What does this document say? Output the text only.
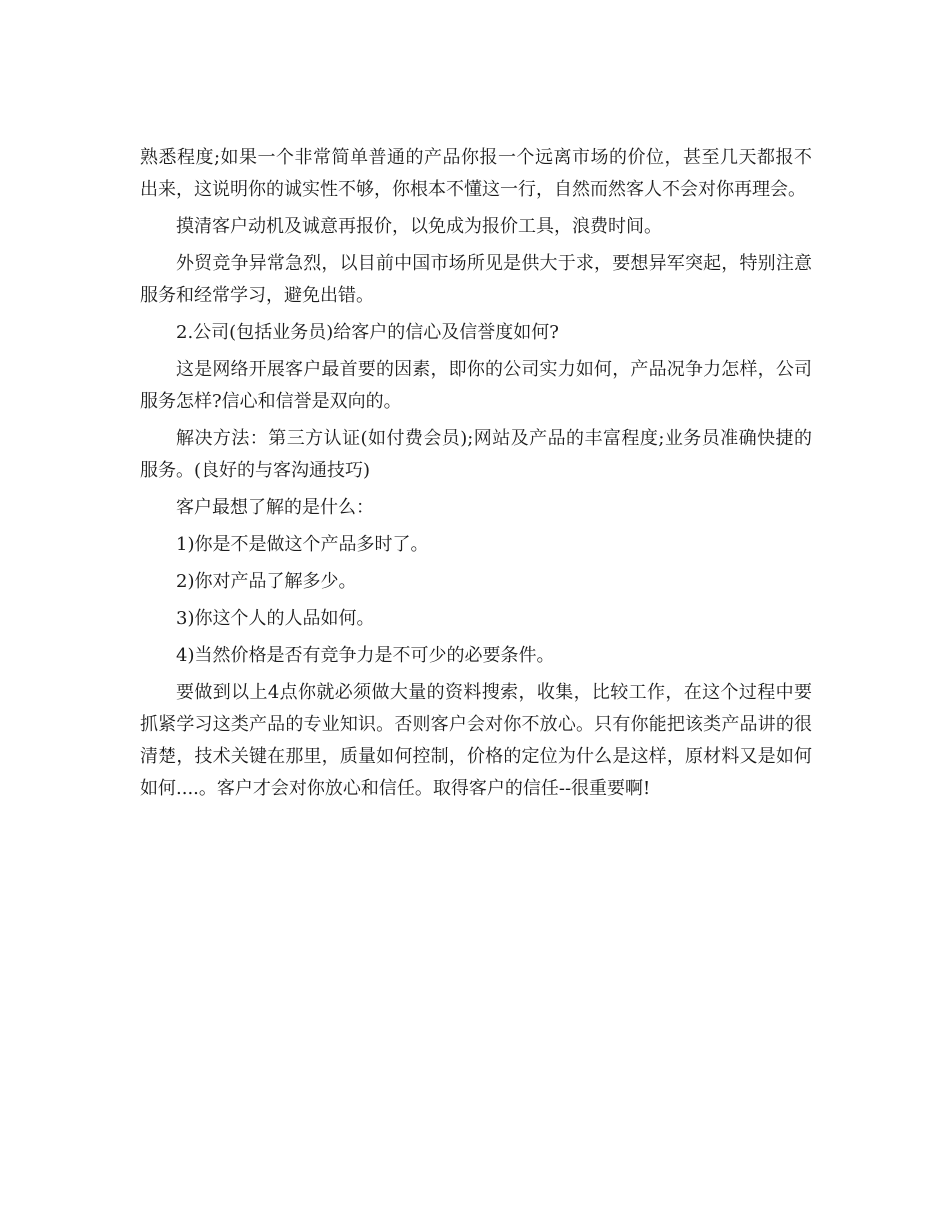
熟悉程度;如果一个非常简单普通的产品你报一个远离市场的价位，甚至几天都报不出来，这说明你的诚实性不够，你根本不懂这一行，自然而然客人不会对你再理会。

摸清客户动机及诚意再报价，以免成为报价工具，浪费时间。

外贸竞争异常急烈，以目前中国市场所见是供大于求，要想异军突起，特别注意服务和经常学习，避免出错。

2.公司(包括业务员)给客户的信心及信誉度如何?

这是网络开展客户最首要的因素，即你的公司实力如何，产品况争力怎样，公司服务怎样?信心和信誉是双向的。

解决方法：第三方认证(如付费会员);网站及产品的丰富程度;业务员准确快捷的服务。(良好的与客沟通技巧)

客户最想了解的是什么：

1)你是不是做这个产品多时了。

2)你对产品了解多少。

3)你这个人的人品如何。

4)当然价格是否有竞争力是不可少的必要条件。

要做到以上4点你就必须做大量的资料搜索，收集，比较工作，在这个过程中要抓紧学习这类产品的专业知识。否则客户会对你不放心。只有你能把该类产品讲的很清楚，技术关键在那里，质量如何控制，价格的定位为什么是这样，原材料又是如何如何....。客户才会对你放心和信任。取得客户的信任--很重要啊!
